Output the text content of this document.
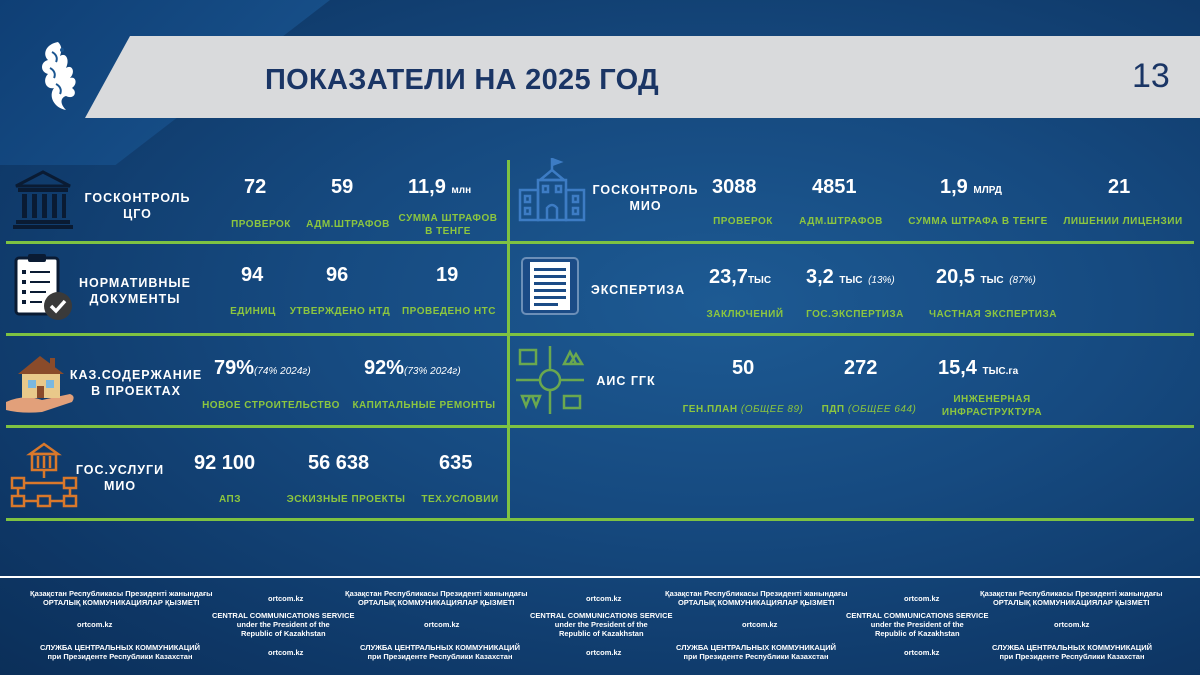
ПОКАЗАТЕЛИ НА 2025 ГОД	13
ГОСКОНТРОЛЬ ЦГО
72
ПРОВЕРОК
59
АДМ.ШТРАФОВ
11,9 млн
СУММА ШТРАФОВ В ТЕНГЕ
ГОСКОНТРОЛЬ МИО
3088
ПРОВЕРОК
4851
АДМ.ШТРАФОВ
1,9 МЛРД
СУММА ШТРАФА В ТЕНГЕ
21
ЛИШЕНИИ ЛИЦЕНЗИИ
НОРМАТИВНЫЕ ДОКУМЕНТЫ
94
ЕДИНИЦ
96
УТВЕРЖДЕНО НТД
19
ПРОВЕДЕНО НТС
ЭКСПЕРТИЗА
23,7ТЫС
ЗАКЛЮЧЕНИЙ
3,2 ТЫС (13%)
ГОС.ЭКСПЕРТИЗА
20,5 ТЫС (87%)
ЧАСТНАЯ ЭКСПЕРТИЗА
КАЗ.СОДЕРЖАНИЕ В ПРОЕКТАХ
79%(74% 2024г)
НОВОЕ СТРОИТЕЛЬСТВО
92%(73% 2024г)
КАПИТАЛЬНЫЕ РЕМОНТЫ
АИС ГГК
50
ГЕН.ПЛАН (ОБЩЕЕ 89)
272
ПДП (ОБЩЕЕ 644)
15,4 ТЫС.га
ИНЖЕНЕРНАЯ ИНФРАСТРУКТУРА
ГОС.УСЛУГИ МИО
92 100
АПЗ
56 638
ЭСКИЗНЫЕ ПРОЕКТЫ
635
ТЕХ.УСЛОВИИ
Қазақстан Республикасы Президенті жанындағы
ОРТАЛЫҚ КОММУНИКАЦИЯЛАР ҚЫЗМЕТІ	ortcom.kz
ortcom.kz
CENTRAL COMMUNICATIONS SERVICE
under the President of the
Republic of Kazakhstan
СЛУЖБА ЦЕНТРАЛЬНЫХ КОММУНИКАЦИЙ
при Президенте Республики Казахстан	ortcom.kz
Қазақстан Республикасы Президенті жанындағы
ОРТАЛЫҚ КОММУНИКАЦИЯЛАР ҚЫЗМЕТІ	ortcom.kz
ortcom.kz
CENTRAL COMMUNICATIONS SERVICE
under the President of the
Republic of Kazakhstan
СЛУЖБА ЦЕНТРАЛЬНЫХ КОММУНИКАЦИЙ
при Президенте Республики Казахстан	ortcom.kz
Қазақстан Республикасы Президенті жанындағы
ОРТАЛЫҚ КОММУНИКАЦИЯЛАР ҚЫЗМЕТІ	ortcom.kz
ortcom.kz
CENTRAL COMMUNICATIONS SERVICE
under the President of the
Republic of Kazakhstan
СЛУЖБА ЦЕНТРАЛЬНЫХ КОММУНИКАЦИЙ
при Президенте Республики Казахстан	ortcom.kz
Қазақстан Республикасы Президенті жанындағы
ОРТАЛЫҚ КОММУНИКАЦИЯЛАР ҚЫЗМЕТІ
ortcom.kz
СЛУЖБА ЦЕНТРАЛЬНЫХ КОММУНИКАЦИЙ
при Президенте Республики Казахстан
